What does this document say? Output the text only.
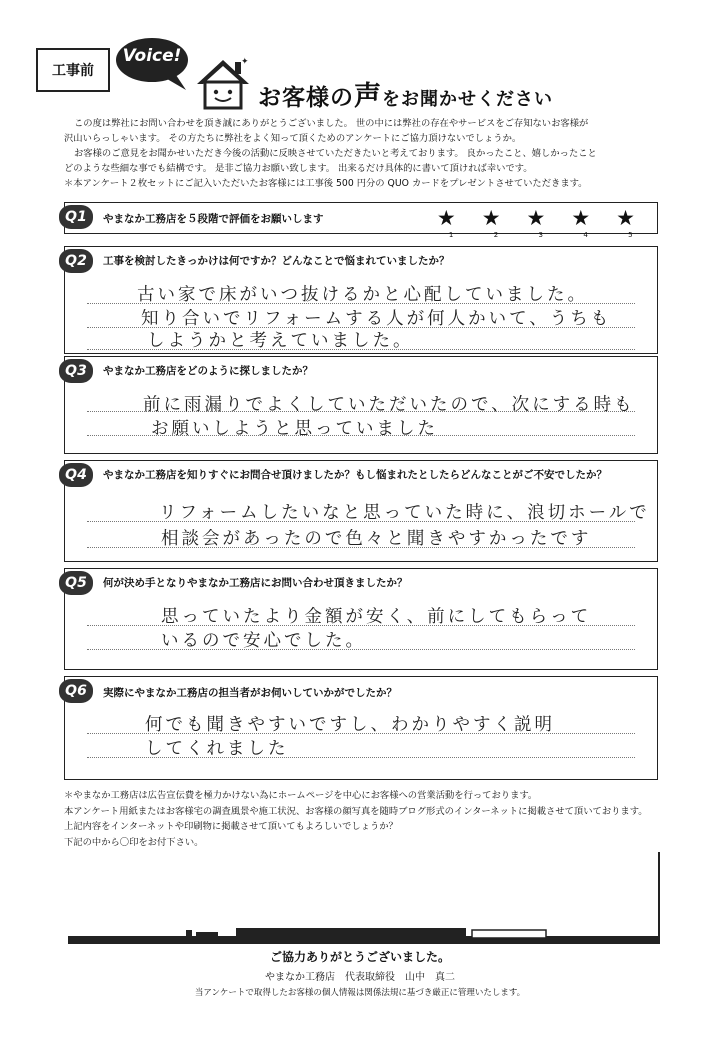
工事前
Voice!	✦
お客様の声をお聞かせください

この度は弊社にお問い合わせを頂き誠にありがとうございました。 世の中には弊社の存在やサービスをご存知ないお客様が

沢山いらっしゃいます。 その方たちに弊社をよく知って頂くためのアンケートにご協力頂けないでしょうか。

お客様のご意見をお聞かせいただき今後の活動に反映させていただきたいと考えております。 良かったこと、嬉しかったこと

どのような些細な事でも結構です。 是非ご協力お願い致します。 出来るだけ具体的に書いて頂ければ幸いです。

＊本アンケート２枚セットにご記入いただいたお客様には工事後 500 円分の QUO カードをプレゼントさせていただきます。

Q1	やまなか工務店を５段階で評価をお願いします	★
1
★
2
★
3
★
4
★
5
Q2	工事を検討したきっかけは何ですか？どんなことで悩まれていましたか？
古い家で床がいつ抜けるかと心配していました。
知り合いでリフォームする人が何人かいて、うちも
しようかと考えていました。
Q3	やまなか工務店をどのように探しましたか？
前に雨漏りでよくしていただいたので、次にする時も
お願いしようと思っていました
Q4	やまなか工務店を知りすぐにお問合せ頂けましたか？もし悩まれたとしたらどんなことがご不安でしたか？
リフォームしたいなと思っていた時に、浪切ホールで
相談会があったので色々と聞きやすかったです
Q5	何が決め手となりやまなか工務店にお問い合わせ頂きましたか？
思っていたより金額が安く、前にしてもらって
いるので安心でした。
Q6	実際にやまなか工務店の担当者がお伺いしていかがでしたか？
何でも聞きやすいですし、わかりやすく説明
してくれました

＊やまなか工務店は広告宣伝費を極力かけない為にホームページを中心にお客様への営業活動を行っております。

本アンケート用紙またはお客様宅の調査風景や施工状況、お客様の顔写真を随時ブログ形式のインターネットに掲載させて頂いております。

上記内容をインターネットや印刷物に掲載させて頂いてもよろしいでしょうか？

下記の中から〇印をお付下さい。

ご協力ありがとうございました。
やまなか工務店　代表取締役　山中　真二
当アンケートで取得したお客様の個人情報は関係法規に基づき厳正に管理いたします。
